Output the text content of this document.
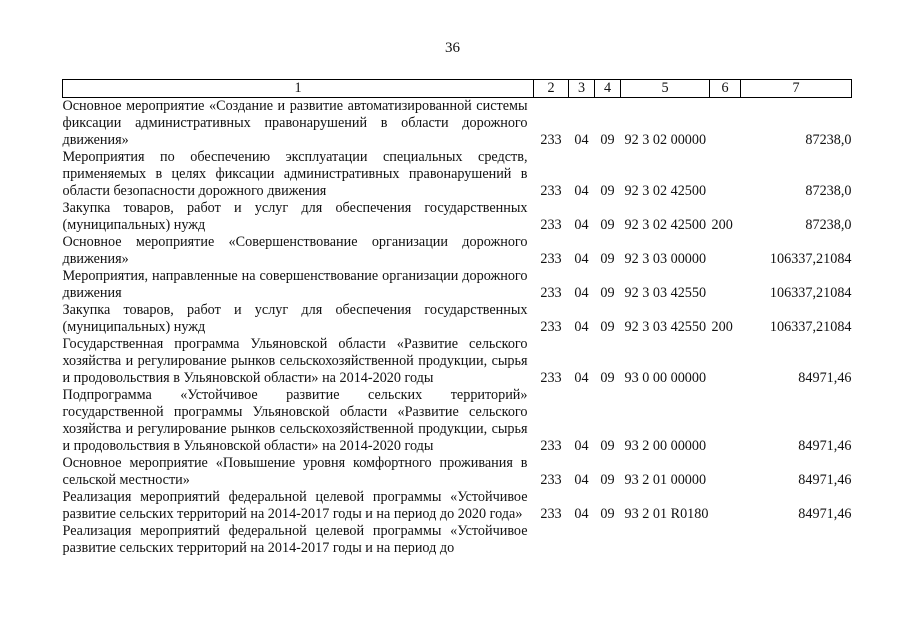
36
1	2	3	4	5	6	7
Основное мероприятие «Создание и развитие автоматизированной системы фиксации административных правонарушений в области дорожного движения»	233	04	09	92 3 02 00000		87238,0
Мероприятия по обеспечению эксплуатации специальных средств, применяемых в целях фиксации административных правонарушений в области безопасности дорожного движения	233	04	09	92 3 02 42500		87238,0
Закупка товаров, работ и услуг для обеспечения государственных (муниципальных) нужд	233	04	09	92 3 02 42500	200	87238,0
Основное мероприятие «Совершенствование организации дорожного движения»	233	04	09	92 3 03 00000		106337,21084
Мероприятия, направленные на совершенствование организации дорожного движения	233	04	09	92 3 03 42550		106337,21084
Закупка товаров, работ и услуг для обеспечения государственных (муниципальных) нужд	233	04	09	92 3 03 42550	200	106337,21084
Государственная программа Ульяновской области «Развитие сельского хозяйства и регулирование рынков сельскохозяйственной продукции, сырья и продовольствия в Ульяновской области» на 2014-2020 годы	233	04	09	93 0 00 00000		84971,46
Подпрограмма «Устойчивое развитие сельских территорий» государственной программы Ульяновской области «Развитие сельского хозяйства и регулирование рынков сельскохозяйственной продукции, сырья и продовольствия в Ульяновской области» на 2014-2020 годы	233	04	09	93 2 00 00000		84971,46
Основное мероприятие «Повышение уровня комфортного проживания в сельской местности»	233	04	09	93 2 01 00000		84971,46
Реализация мероприятий федеральной целевой программы «Устойчивое развитие сельских территорий на 2014-2017 годы и на период до 2020 года»	233	04	09	93 2 01 R0180		84971,46
Реализация мероприятий федеральной целевой программы «Устойчивое развитие сельских территорий на 2014-2017 годы и на период до						
